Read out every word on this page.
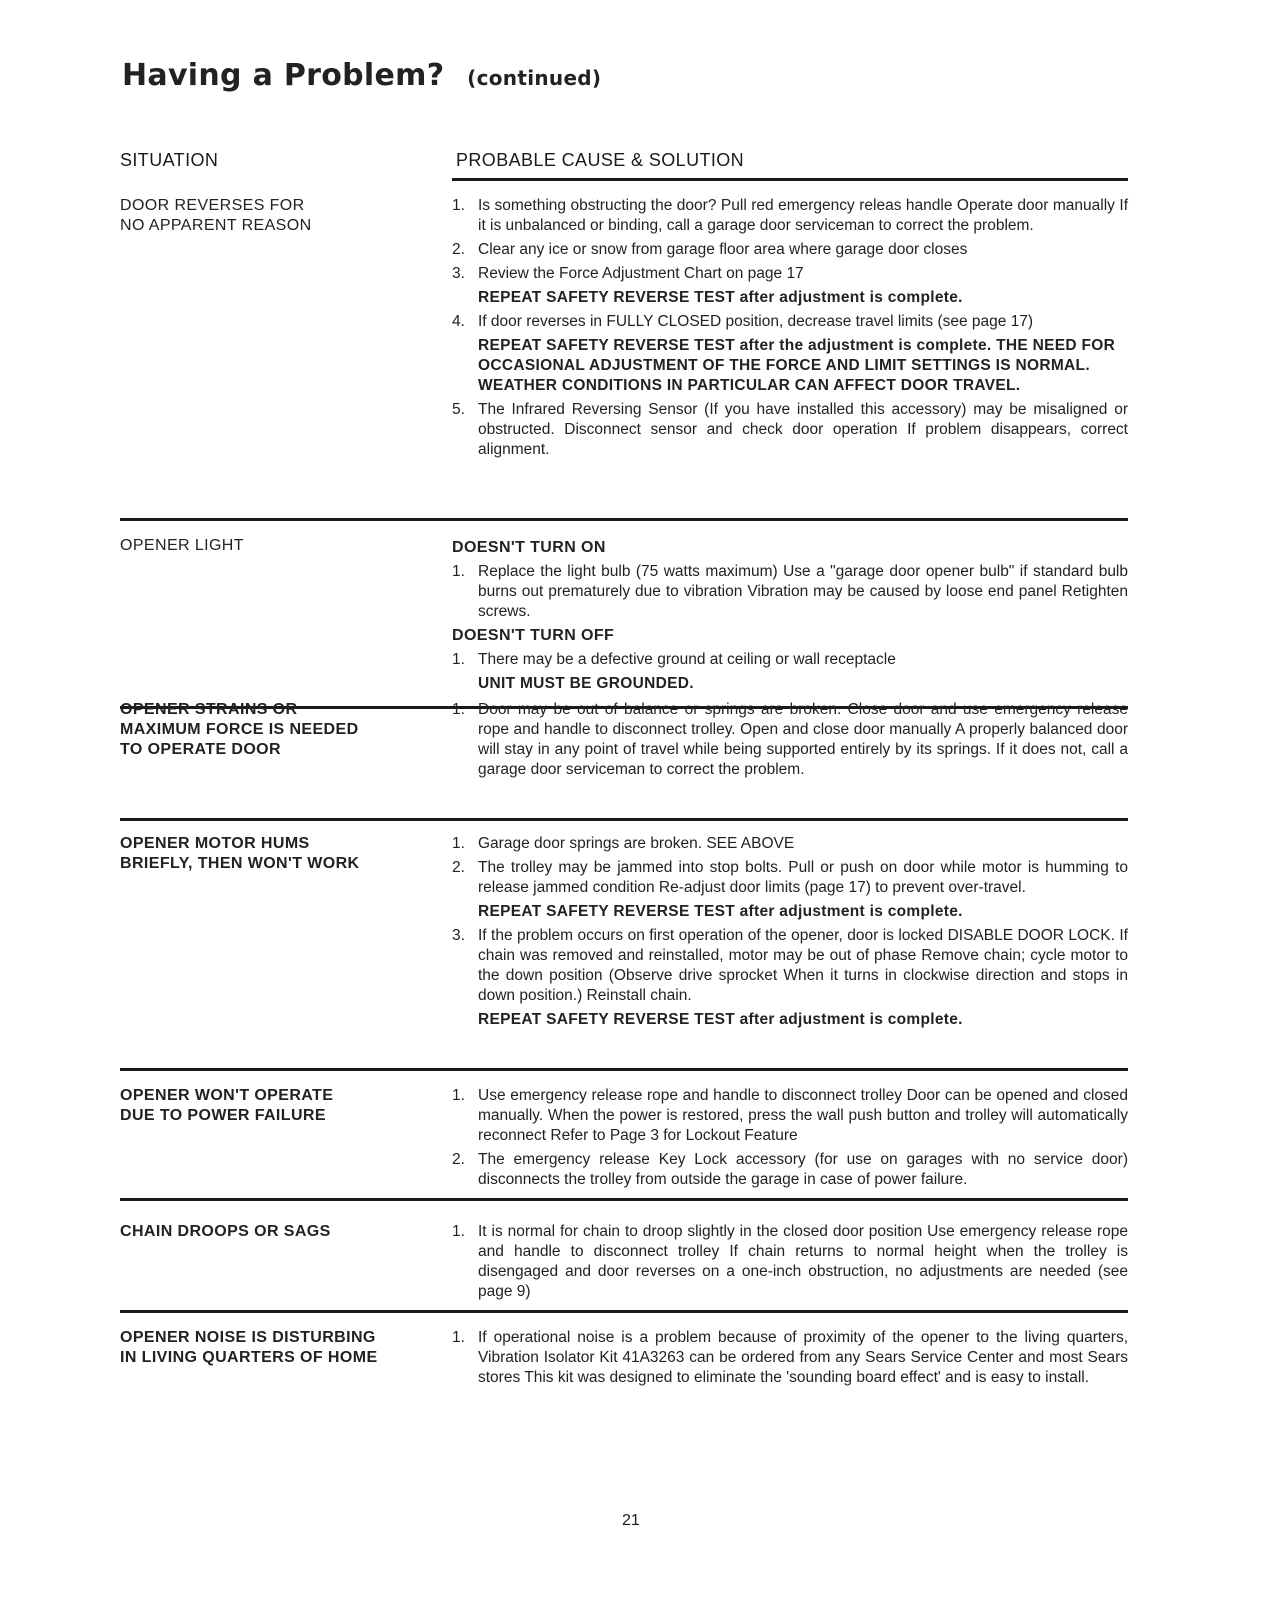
Having a Problem? (continued)
SITUATION	PROBABLE CAUSE & SOLUTION
DOOR REVERSES FOR
NO APPARENT REASON
1. Is something obstructing the door? Pull red emergency releas handle Operate door manually If it is unbalanced or binding, call a garage door serviceman to correct the problem.
2. Clear any ice or snow from garage floor area where garage door closes
3. Review the Force Adjustment Chart on page 17
REPEAT SAFETY REVERSE TEST after adjustment is complete.
4. If door reverses in FULLY CLOSED position, decrease travel limits (see page 17)
REPEAT SAFETY REVERSE TEST after the adjustment is complete. THE NEED FOR OCCASIONAL ADJUSTMENT OF THE FORCE AND LIMIT SETTINGS IS NORMAL. WEATHER CONDITIONS IN PARTICULAR CAN AFFECT DOOR TRAVEL.
5. The Infrared Reversing Sensor (If you have installed this accessory) may be misaligned or obstructed. Disconnect sensor and check door operation If problem disappears, correct alignment.
OPENER LIGHT	DOESN'T TURN ON
1. Replace the light bulb (75 watts maximum) Use a "garage door opener bulb" if standard bulb burns out prematurely due to vibration Vibration may be caused by loose end panel Retighten screws.
DOESN'T TURN OFF
1. There may be a defective ground at ceiling or wall receptacle
UNIT MUST BE GROUNDED.
OPENER STRAINS OR
MAXIMUM FORCE IS NEEDED
TO OPERATE DOOR
1. Door may be out of balance or springs are broken. Close door and use emergency release rope and handle to disconnect trolley. Open and close door manually A properly balanced door will stay in any point of travel while being supported entirely by its springs. If it does not, call a garage door serviceman to correct the problem.
OPENER MOTOR HUMS
BRIEFLY, THEN WON'T WORK
1. Garage door springs are broken. SEE ABOVE
2. The trolley may be jammed into stop bolts. Pull or push on door while motor is humming to release jammed condition Re-adjust door limits (page 17) to prevent over-travel.
REPEAT SAFETY REVERSE TEST after adjustment is complete.
3. If the problem occurs on first operation of the opener, door is locked DISABLE DOOR LOCK. If chain was removed and reinstalled, motor may be out of phase Remove chain; cycle motor to the down position (Observe drive sprocket When it turns in clockwise direction and stops in down position.) Reinstall chain.
REPEAT SAFETY REVERSE TEST after adjustment is complete.
OPENER WON'T OPERATE
DUE TO POWER FAILURE
1. Use emergency release rope and handle to disconnect trolley Door can be opened and closed manually. When the power is restored, press the wall push button and trolley will automatically reconnect Refer to Page 3 for Lockout Feature
2. The emergency release Key Lock accessory (for use on garages with no service door) disconnects the trolley from outside the garage in case of power failure.
CHAIN DROOPS OR SAGS	1. It is normal for chain to droop slightly in the closed door position Use emergency release rope and handle to disconnect trolley If chain returns to normal height when the trolley is disengaged and door reverses on a one-inch obstruction, no adjustments are needed (see page 9)
OPENER NOISE IS DISTURBING
IN LIVING QUARTERS OF HOME
1. If operational noise is a problem because of proximity of the opener to the living quarters, Vibration Isolator Kit 41A3263 can be ordered from any Sears Service Center and most Sears stores This kit was designed to eliminate the 'sounding board effect' and is easy to install.
21
